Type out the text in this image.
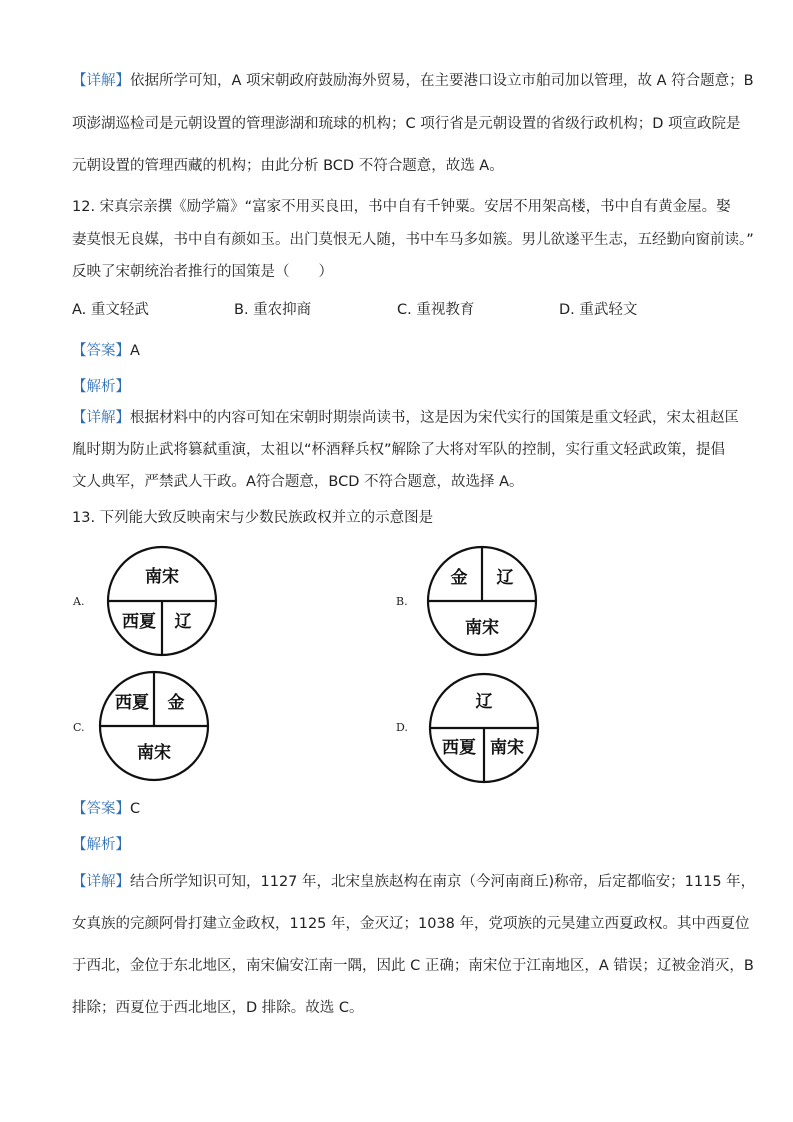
【详解】依据所学可知，A 项宋朝政府鼓励海外贸易，在主要港口设立市舶司加以管理，故 A 符合题意；B
项澎湖巡检司是元朝设置的管理澎湖和琉球的机构；C 项行省是元朝设置的省级行政机构；D 项宣政院是
元朝设置的管理西藏的机构；由此分析 BCD 不符合题意，故选 A。
12. 宋真宗亲撰《励学篇》“富家不用买良田，书中自有千钟粟。安居不用架高楼，书中自有黄金屋。娶
妻莫恨无良媒，书中自有颜如玉。出门莫恨无人随，书中车马多如簇。男儿欲遂平生志，五经勤向窗前读。”
反映了宋朝统治者推行的国策是（　　）
A. 重文轻武	B. 重农抑商	C. 重视教育	D. 重武轻文
【答案】A
【解析】
【详解】根据材料中的内容可知在宋朝时期崇尚读书，这是因为宋代实行的国策是重文轻武，宋太祖赵匡
胤时期为防止武将篡弑重演，太祖以“杯酒释兵权”解除了大将对军队的控制，实行重文轻武政策，提倡
文人典军，严禁武人干政。A符合题意，BCD 不符合题意，故选择 A。
13. 下列能大致反映南宋与少数民族政权并立的示意图是
A.
南宋
西夏 辽
B.
金 辽
南宋
C.
西夏 金
南宋
D.
辽
西夏 南宋
【答案】C
【解析】
【详解】结合所学知识可知，1127 年，北宋皇族赵构在南京（今河南商丘)称帝，后定都临安；1115 年，
女真族的完颜阿骨打建立金政权，1125 年，金灭辽；1038 年，党项族的元昊建立西夏政权。其中西夏位
于西北，金位于东北地区，南宋偏安江南一隅，因此 C 正确；南宋位于江南地区，A 错误；辽被金消灭，B
排除；西夏位于西北地区，D 排除。故选 C。
